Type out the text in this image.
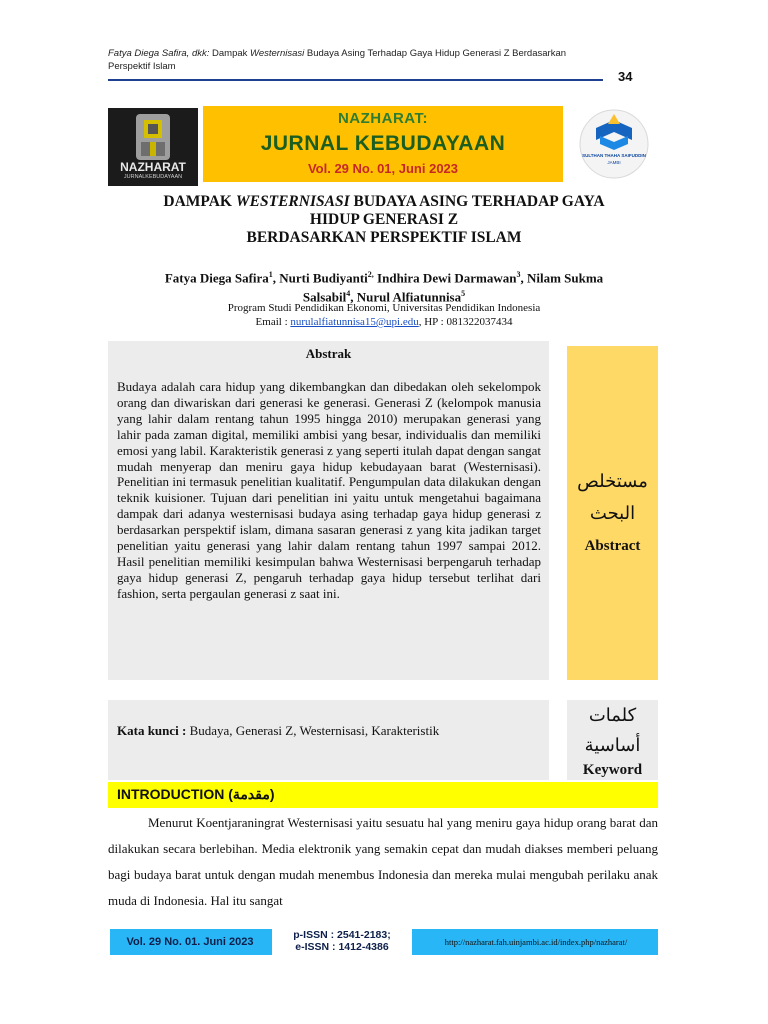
Fatya Diega Safira, dkk: Dampak Westernisasi Budaya Asing Terhadap Gaya Hidup Generasi Z Berdasarkan
Perspektif Islam
34
NAZHARAT
JURNALKEBUDAYAAN
NAZHARAT:
JURNAL KEBUDAYAAN
Vol. 29 No. 01, Juni 2023
SULTHAN THAHA SAIFUDDIN
JAMBI
DAMPAK WESTERNISASI BUDAYA ASING TERHADAP GAYA
HIDUP GENERASI Z
BERDASARKAN PERSPEKTIF ISLAM
Fatya Diega Safira$^1$, Nurti Budiyanti$^{2,}$ Indhira Dewi Darmawan$^3$, Nilam Sukma
Salsabil$^4$, Nurul Alfiatunnisa$^5$
Program Studi Pendidikan Ekonomi, Universitas Pendidikan Indonesia
Email : nurulalfiatunnisa15@upi.edu, HP : 081322037434
Abstrak
Budaya adalah cara hidup yang dikembangkan dan dibedakan oleh sekelompok orang dan diwariskan dari generasi ke generasi. Generasi Z (kelompok manusia yang lahir dalam rentang tahun 1995 hingga 2010) merupakan generasi yang lahir pada zaman digital, memiliki ambisi yang besar, individualis dan memiliki emosi yang labil. Karakteristik generasi z yang seperti itulah dapat dengan sangat mudah menyerap dan meniru gaya hidup kebudayaan barat (Westernisasi). Penelitian ini termasuk penelitian kualitatif. Pengumpulan data dilakukan dengan teknik kuisioner. Tujuan dari penelitian ini yaitu untuk mengetahui bagaimana dampak dari adanya westernisasi budaya asing terhadap gaya hidup generasi z berdasarkan perspektif islam, dimana sasaran generasi z yang kita jadikan target penelitian yaitu generasi yang lahir dalam rentang tahun 1997 sampai 2012. Hasil penelitian memiliki kesimpulan bahwa Westernisasi berpengaruh terhadap gaya hidup generasi Z, pengaruh terhadap gaya hidup tersebut terlihat dari fashion, serta pergaulan generasi z saat ini.
مستخلص
البحث
Abstract
Kata kunci : Budaya, Generasi Z, Westernisasi, Karakteristik
كلمات
أساسية
Keyword
INTRODUCTION (مقدمة)
Menurut Koentjaraningrat Westernisasi yaitu sesuatu hal yang meniru gaya hidup orang barat dan dilakukan secara berlebihan. Media elektronik yang semakin cepat dan mudah diakses memberi peluang bagi budaya barat untuk dengan mudah menembus Indonesia dan mereka mulai mengubah perilaku anak muda di Indonesia. Hal itu sangat
Vol. 29 No. 01. Juni 2023
p-ISSN : 2541-2183;
e-ISSN : 1412-4386	http://nazharat.fah.uinjambi.ac.id/index.php/nazharat/
